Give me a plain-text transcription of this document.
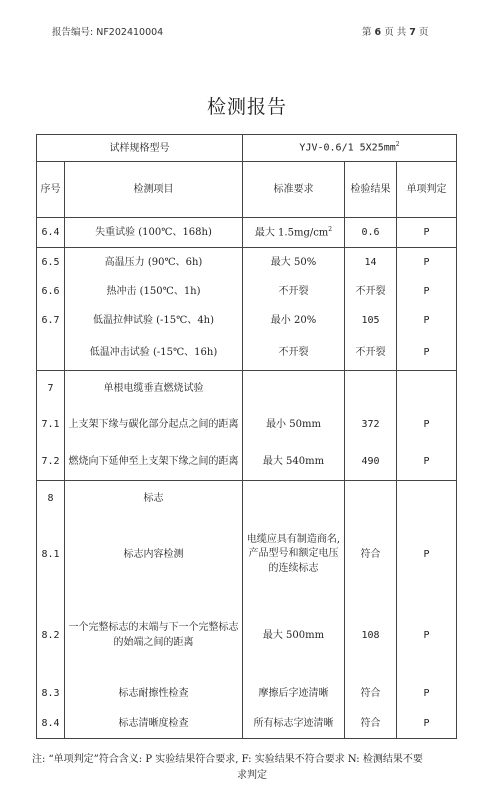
报告编号: NF202410004	第 6 页 共 7 页
检测报告
试样规格型号		YJV-0.6/1 $5X25mm^2$
序号	检测项目	标准要求	检验结果	单项判定
6.4	失重试验 (100℃、168h)	最大 $1.5mg/cm^2$	0.6	P
6.5	高温压力 (90℃、6h)	最大 50%	14	P
6.6	热冲击 (150℃、1h)	不开裂	不开裂	P
6.7	低温拉伸试验 (-15℃、4h)	最小 20%	105	P
	低温冲击试验 (-15℃、16h)	不开裂	不开裂	P
7	单根电缆垂直燃烧试验			
7.1	上支架下缘与碳化部分起点之间的距离	最小 50mm	372	P
7.2	燃烧向下延伸至上支架下缘之间的距离	最大 540mm	490	P
8	标志			
8.1	标志内容检测	电缆应具有制造商名,产品型号和额定电压的连续标志	符合	P
8.2	一个完整标志的末端与下一个完整标志的始端之间的距离	最大 500mm	108	P
8.3	标志耐擦性检查	摩擦后字迹清晰	符合	P
8.4	标志清晰度检查	所有标志字迹清晰	符合	P
注: “单项判定”符合含义: P 实验结果符合要求, F: 实验结果不符合要求 N: 检测结果不要
求判定
